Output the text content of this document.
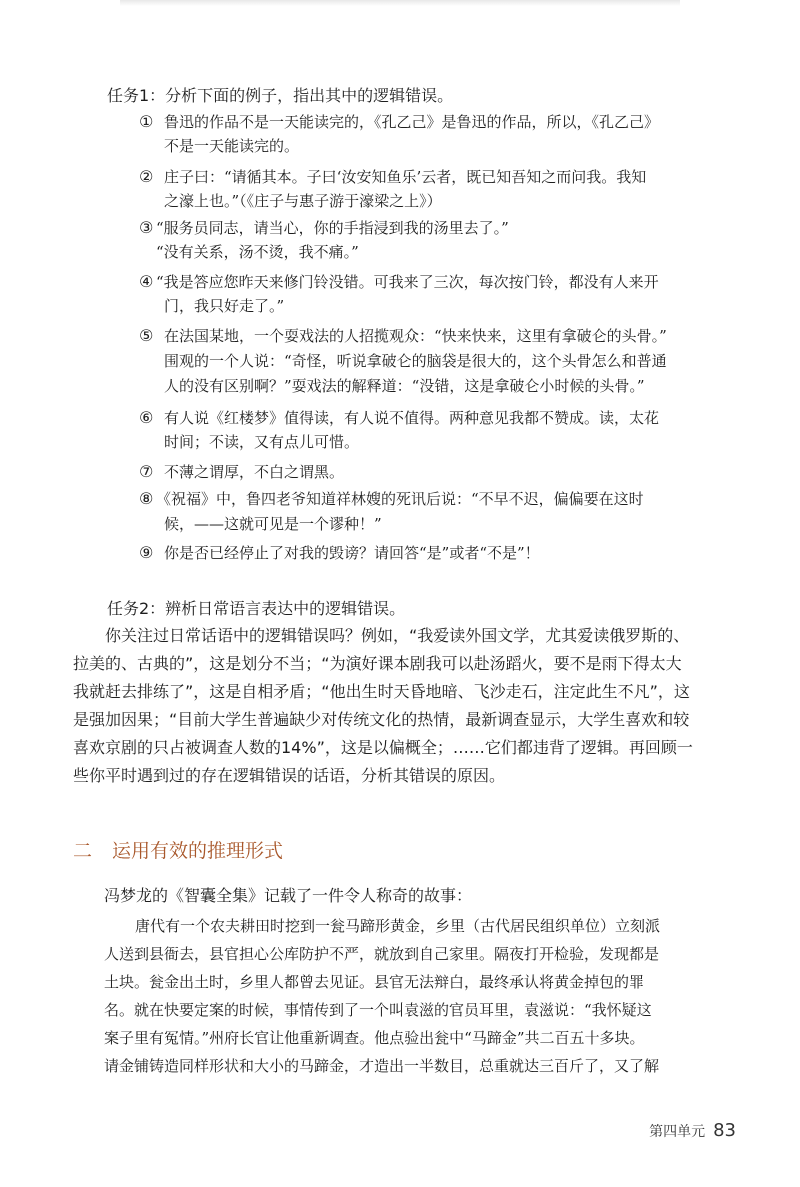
任务1：分析下面的例子，指出其中的逻辑错误。
① 鲁迅的作品不是一天能读完的，《孔乙己》是鲁迅的作品，所以，《孔乙己》
不是一天能读完的。
② 庄子曰：“请循其本。子曰‘汝安知鱼乐’云者，既已知吾知之而问我。我知
之濠上也。”（《庄子与惠子游于濠梁之上》）
③ “服务员同志，请当心，你的手指浸到我的汤里去了。”
“没有关系，汤不烫，我不痛。”
④ “我是答应您昨天来修门铃没错。可我来了三次，每次按门铃，都没有人来开
门，我只好走了。”
⑤ 在法国某地，一个耍戏法的人招揽观众：“快来快来，这里有拿破仑的头骨。”
围观的一个人说：“奇怪，听说拿破仑的脑袋是很大的，这个头骨怎么和普通
人的没有区别啊？”耍戏法的解释道：“没错，这是拿破仑小时候的头骨。”
⑥ 有人说《红楼梦》值得读，有人说不值得。两种意见我都不赞成。读，太花
时间；不读，又有点儿可惜。
⑦ 不薄之谓厚，不白之谓黑。
⑧ 《祝福》中，鲁四老爷知道祥林嫂的死讯后说：“不早不迟，偏偏要在这时
候，——这就可见是一个谬种！”
⑨ 你是否已经停止了对我的毁谤？请回答“是”或者“不是”！
任务2：辨析日常语言表达中的逻辑错误。
　　你关注过日常话语中的逻辑错误吗？例如，“我爱读外国文学，尤其爱读俄罗斯的、
拉美的、古典的”，这是划分不当；“为演好课本剧我可以赴汤蹈火，要不是雨下得太大
我就赶去排练了”，这是自相矛盾；“他出生时天昏地暗、飞沙走石，注定此生不凡”，这
是强加因果；“目前大学生普遍缺少对传统文化的热情，最新调查显示，大学生喜欢和较
喜欢京剧的只占被调查人数的14%”，这是以偏概全；……它们都违背了逻辑。再回顾一
些你平时遇到过的存在逻辑错误的话语，分析其错误的原因。
二 运用有效的推理形式
冯梦龙的《智囊全集》记载了一件令人称奇的故事：
唐代有一个农夫耕田时挖到一瓮马蹄形黄金，乡里（古代居民组织单位）立刻派
人送到县衙去，县官担心公库防护不严，就放到自己家里。隔夜打开检验，发现都是
土块。瓮金出土时，乡里人都曾去见证。县官无法辩白，最终承认将黄金掉包的罪
名。就在快要定案的时候，事情传到了一个叫袁滋的官员耳里，袁滋说：“我怀疑这
案子里有冤情。”州府长官让他重新调查。他点验出瓮中“马蹄金”共二百五十多块。
请金铺铸造同样形状和大小的马蹄金，才造出一半数目，总重就达三百斤了，又了解
第四单元 83
